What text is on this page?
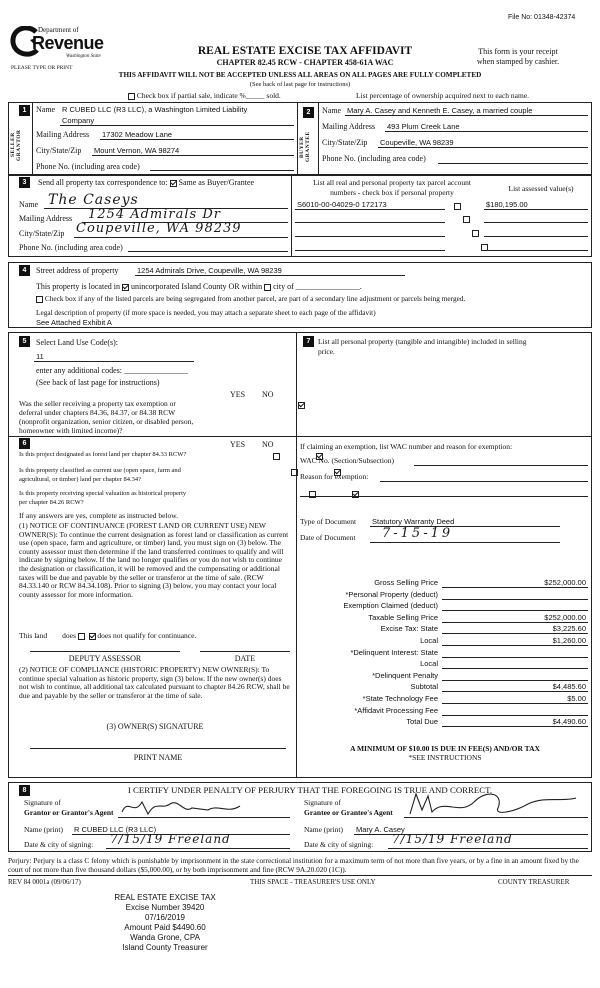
File No: 01348-42374
Department of
Revenue
Washington State
PLEASE TYPE OR PRINT
REAL ESTATE EXCISE TAX AFFIDAVIT
CHAPTER 82.45 RCW - CHAPTER 458-61A WAC
This form is your receipt
when stamped by cashier.
THIS AFFIDAVIT WILL NOT BE ACCEPTED UNLESS ALL AREAS ON ALL PAGES ARE FULLY COMPLETED
(See back of last page for instructions)
Check box if partial sale, indicate %_____ sold.	List percentage of ownership acquired next to each name.
1
SELLER GRANTOR
Name R CUBED LLC (R3 LLC), a Washington Limited Liability
Company
Mailing Address 17302 Meadow Lane
City/State/Zip Mount Vernon, WA 98274
Phone No. (including area code)
2
BUYER GRANTEE
Name Mary A. Casey and Kenneth E. Casey, a married couple
Mailing Address 493 Plum Creek Lane
City/State/Zip Coupeville, WA 98239
Phone No. (including area code)
3	Send all property tax correspondence to: Same as Buyer/Grantee
Name The Caseys
Mailing Address 1254 Admirals Dr
City/State/Zip Coupeville, WA 98239
Phone No. (including area code)
List all real and personal property tax parcel account
numbers - check box if personal property	List assessed value(s)
S6010-00-04029-0 172173
	$180,195.00

4	Street address of property 1254 Admirals Drive, Coupeville, WA 98239
This property is located in unincorporated Island County OR within city of ________________.
Check box if any of the listed parcels are being segregated from another parcel, are part of a secondary line adjustment or parcels being merged.
Legal description of property (if more space is needed, you may attach a separate sheet to each page of the affidavit)
See Attached Exhibit A
5	Select Land Use Code(s):
11
enter any additional codes: ________________
(See back of last page for instructions)
YES NO
Was the seller receiving a property tax exemption or
deferral under chapters 84.36, 84.37, or 84.38 RCW
(nonprofit organization, senior citizen, or disabled person,
homeowner with limited income)?

6	YES NO
Is this project designated as forest land per chapter 84.33 RCW?

Is this property classified as current use (open space, farm and
agricultural, or timber) land per chapter 84.34?

Is this property receiving special valuation as historical property
per chapter 84.26 RCW?

If any answers are yes, complete as instructed below.
(1) NOTICE OF CONTINUANCE (FOREST LAND OR CURRENT USE) NEW OWNER(S): To continue the current designation as forest land or classification as current use (open space, farm and agriculture, or timber) land, you must sign on (3) below. The county assessor must then determine if the land transferred continues to qualify and will indicate by signing below. If the land no longer qualifies or you do not wish to continue the designation or classification, it will be removed and the compensating or additional taxes will be due and payable by the seller or transferor at the time of sale. (RCW 84.33.140 or RCW 84.34.108). Prior to signing (3) below, you may contact your local county assessor for more information.
This land does	does not qualify for continuance.
DEPUTY ASSESSOR	DATE
(2) NOTICE OF COMPLIANCE (HISTORIC PROPERTY) NEW OWNER(S): To continue special valuation as historic property, sign (3) below. If the new owner(s) does not wish to continue, all additional tax calculated pursuant to chapter 84.26 RCW, shall be due and payable by the seller or transferor at the time of sale.
(3) OWNER(S) SIGNATURE
PRINT NAME
7	List all personal property (tangible and intangible) included in selling
price.
If claiming an exemption, list WAC number and reason for exemption:
WAC No. (Section/Subsection)
Reason for exemption:
Type of Document Statutory Warranty Deed
Date of Document 7-15-19
Gross Selling Price	$252,000.00
*Personal Property (deduct)
Exemption Claimed (deduct)
Taxable Selling Price	$252,000.00
Excise Tax: State	$3,225.60
Local	$1,260.00
*Delinquent Interest: State
Local
*Delinquent Penalty
Subtotal	$4,485.60
*State Technology Fee	$5.00
*Affidavit Processing Fee
Total Due	$4,490.60
A MINIMUM OF $10.00 IS DUE IN FEE(S) AND/OR TAX
*SEE INSTRUCTIONS
8	I CERTIFY UNDER PENALTY OF PERJURY THAT THE FOREGOING IS TRUE AND CORRECT.
Signature of
Grantor or Grantor's Agent
Name (print) R CUBED LLC (R3 LLC)
Date & city of signing: 7/15/19 Freeland
Signature of
Grantee or Grantee's Agent
Name (print) Mary A. Casey
Date & city of signing: 7/15/19 Freeland
Perjury: Perjury is a class C felony which is punishable by imprisonment in the state correctional institution for a maximum term of not more than five years, or by a fine in an amount fixed by the court of not more than five thousand dollars ($5,000.00), or by both imprisonment and fine (RCW 9A.20.020 (1C)).
REV 84 0001a (09/06/17)	THIS SPACE - TREASURER'S USE ONLY	COUNTY TREASURER
REAL ESTATE EXCISE TAX
Excise Number 39420
07/16/2019
Amount Paid $4490.60
Wanda Grone, CPA
Island County Treasurer
